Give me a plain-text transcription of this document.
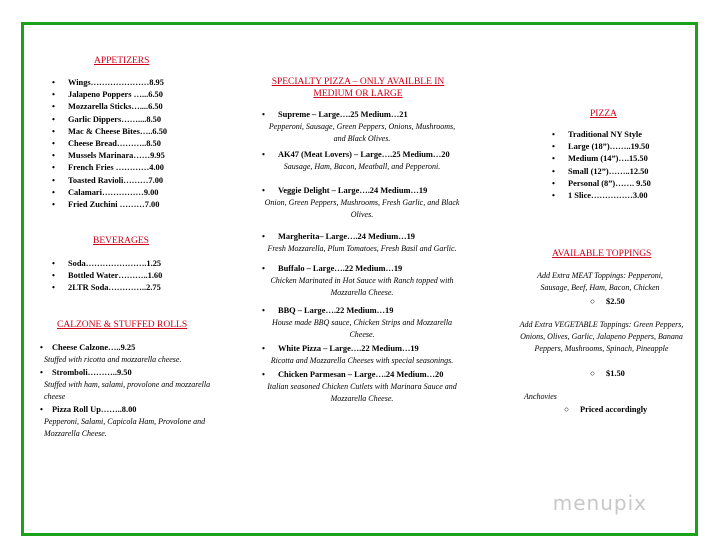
APPETIZERS
• Wings…………………8.95
• Jalapeno Poppers …...6.50
• Mozzarella Sticks…....6.50
• Garlic Dippers……....8.50
• Mac & Cheese Bites…..6.50
• Cheese Bread………..8.50
• Mussels Marinara……9.95
• French Fries …………4.00
• Toasted Ravioli………7.00
• Calamari……………9.00
• Fried Zuchini ………7.00
BEVERAGES
• Soda………………….1.25
• Bottled Water………..1.60
• 2LTR Soda…………..2.75
CALZONE & STUFFED ROLLS
• Cheese Calzone…..9.25
Stuffed with ricotta and mozzarella cheese.
• Stromboli………..9.50
Stuffed with ham, salami, provolone and mozzarella cheese
• Pizza Roll Up……..8.00
Pepperoni, Salami, Capicola Ham, Provolone and Mozzarella Cheese.
SPECIALTY PIZZA – ONLY AVAILBLE IN
MEDIUM OR LARGE
• Supreme – Large….25 Medium…21
Pepperoni, Sausage, Green Peppers, Onions, Mushrooms, and Black Olives.
• AK47 (Meat Lovers) – Large….25 Medium…20
Sausage, Ham, Bacon, Meatball, and Pepperoni.
• Veggie Delight – Large….24 Medium…19
Onion, Green Peppers, Mushrooms, Fresh Garlic, and Black Olives.
• Margherita– Large….24 Medium…19
Fresh Mozzarella, Plum Tomatoes, Fresh Basil and Garlic.
• Buffalo – Large….22 Medium…19
Chicken Marinated in Hot Sauce with Ranch topped with Mozzarella Cheese.
• BBQ – Large….22 Medium…19
House made BBQ sauce, Chicken Strips and Mozzarella Cheese.
• White Pizza – Large….22 Medium…19
Ricotta and Mozzarella Cheeses with special seasonings.
• Chicken Parmesan – Large….24 Medium…20
Italian seasoned Chicken Cutlets with Marinara Sauce and Mozzarella Cheese.
PIZZA
• Traditional NY Style
• Large (18”)……..19.50
• Medium (14”)….15.50
• Small (12”)……..12.50
• Personal (8”)……. 9.50
• 1 Slice……………3.00
AVAILABLE TOPPINGS
Add Extra MEAT Toppings: Pepperoni, Sausage, Beef, Ham, Bacon, Chicken
○ $2.50
Add Extra VEGETABLE Toppings: Green Peppers, Onions, Olives, Garlic, Jalapeno Peppers, Banana Peppers, Mushrooms, Spinach, Pineapple
○ $1.50
Anchovies
○ Priced accordingly
menupix
